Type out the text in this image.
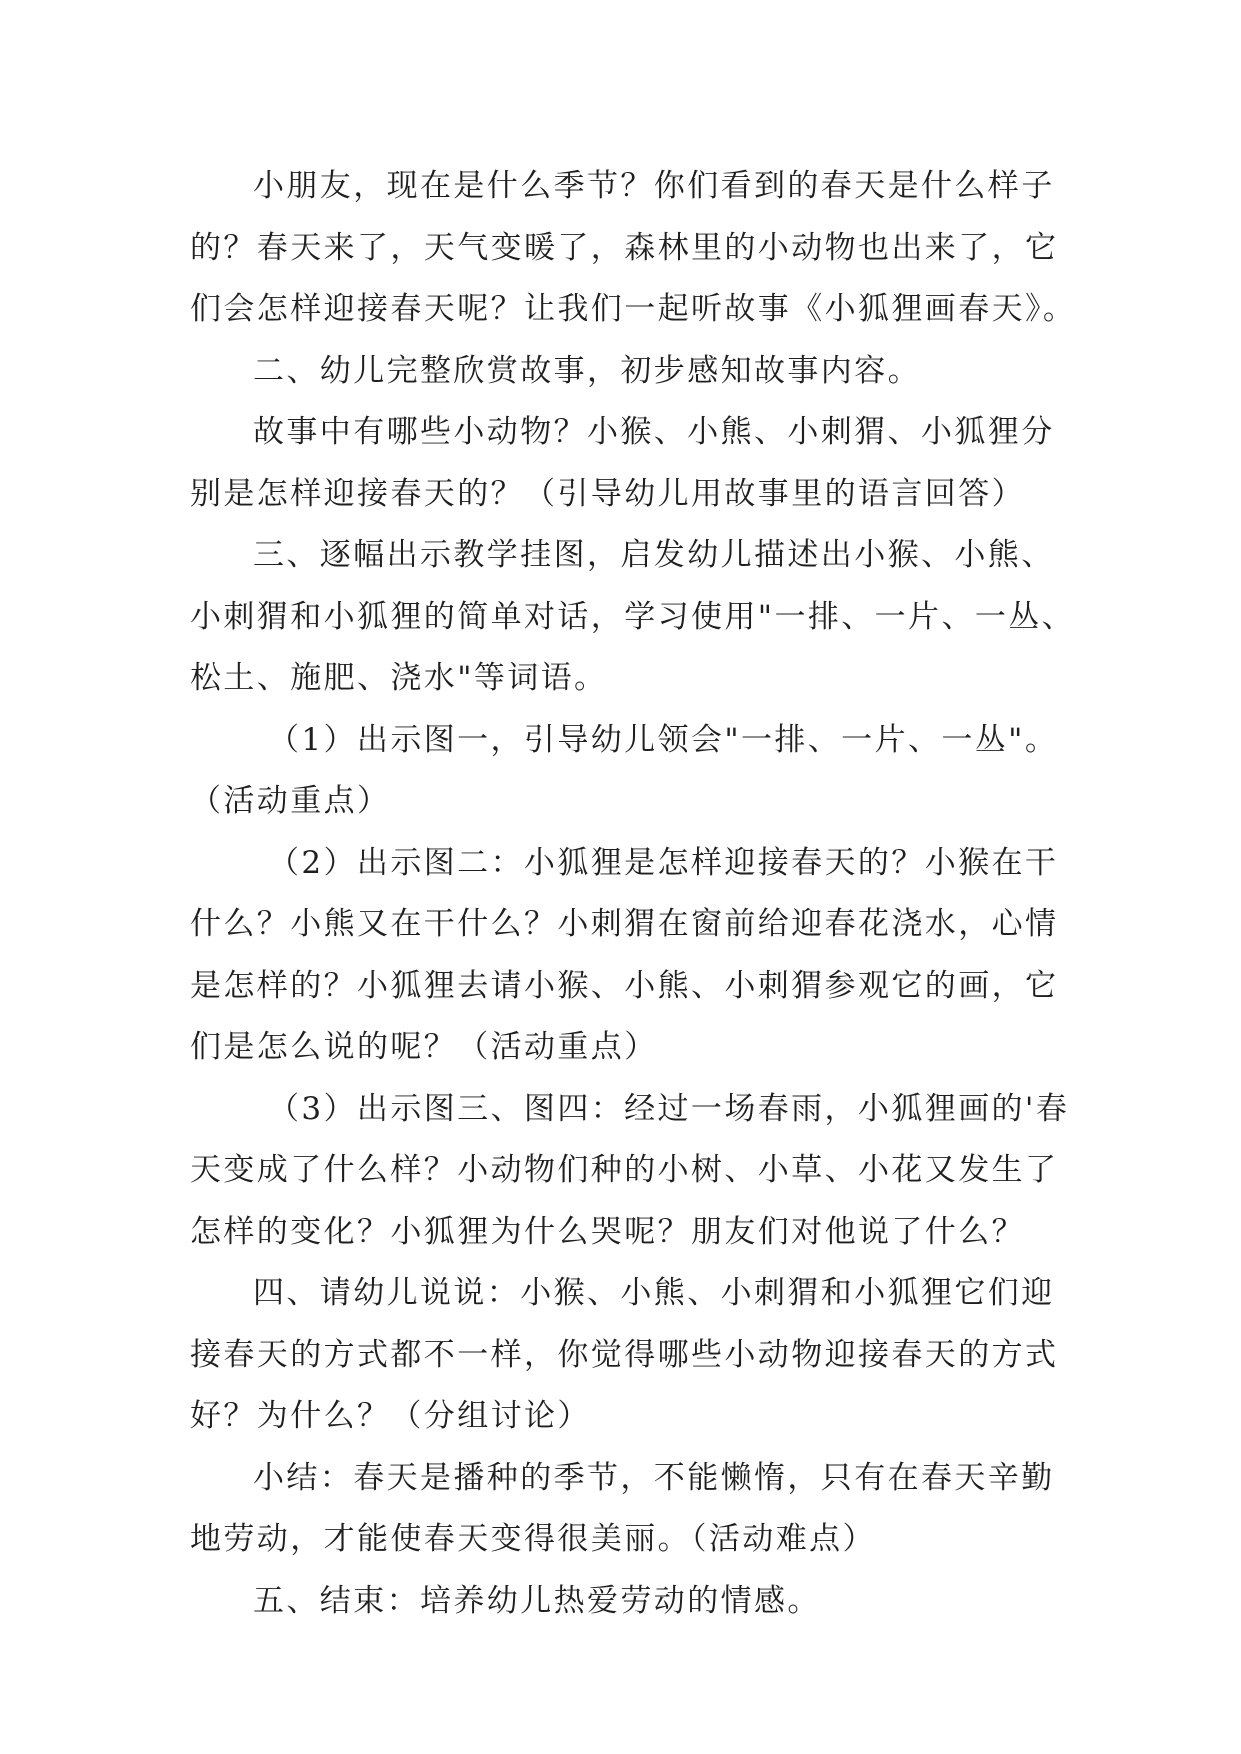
小朋友，现在是什么季节？你们看到的春天是什么样子
的？春天来了，天气变暖了，森林里的小动物也出来了，它
们会怎样迎接春天呢？让我们一起听故事《小狐狸画春天》。
二、幼儿完整欣赏故事，初步感知故事内容。
故事中有哪些小动物？小猴、小熊、小刺猬、小狐狸分
别是怎样迎接春天的？（引导幼儿用故事里的语言回答）
三、逐幅出示教学挂图，启发幼儿描述出小猴、小熊、
小刺猬和小狐狸的简单对话，学习使用"一排、一片、一丛、
松土、施肥、浇水"等词语。
（1）出示图一，引导幼儿领会"一排、一片、一丛"。
（活动重点）
（2）出示图二：小狐狸是怎样迎接春天的？小猴在干
什么？小熊又在干什么？小刺猬在窗前给迎春花浇水，心情
是怎样的？小狐狸去请小猴、小熊、小刺猬参观它的画，它
们是怎么说的呢？（活动重点）
（3）出示图三、图四：经过一场春雨，小狐狸画的'春
天变成了什么样？小动物们种的小树、小草、小花又发生了
怎样的变化？小狐狸为什么哭呢？朋友们对他说了什么？
四、请幼儿说说：小猴、小熊、小刺猬和小狐狸它们迎
接春天的方式都不一样，你觉得哪些小动物迎接春天的方式
好？为什么？（分组讨论）
小结：春天是播种的季节，不能懒惰，只有在春天辛勤
地劳动，才能使春天变得很美丽。（活动难点）
五、结束：培养幼儿热爱劳动的情感。
